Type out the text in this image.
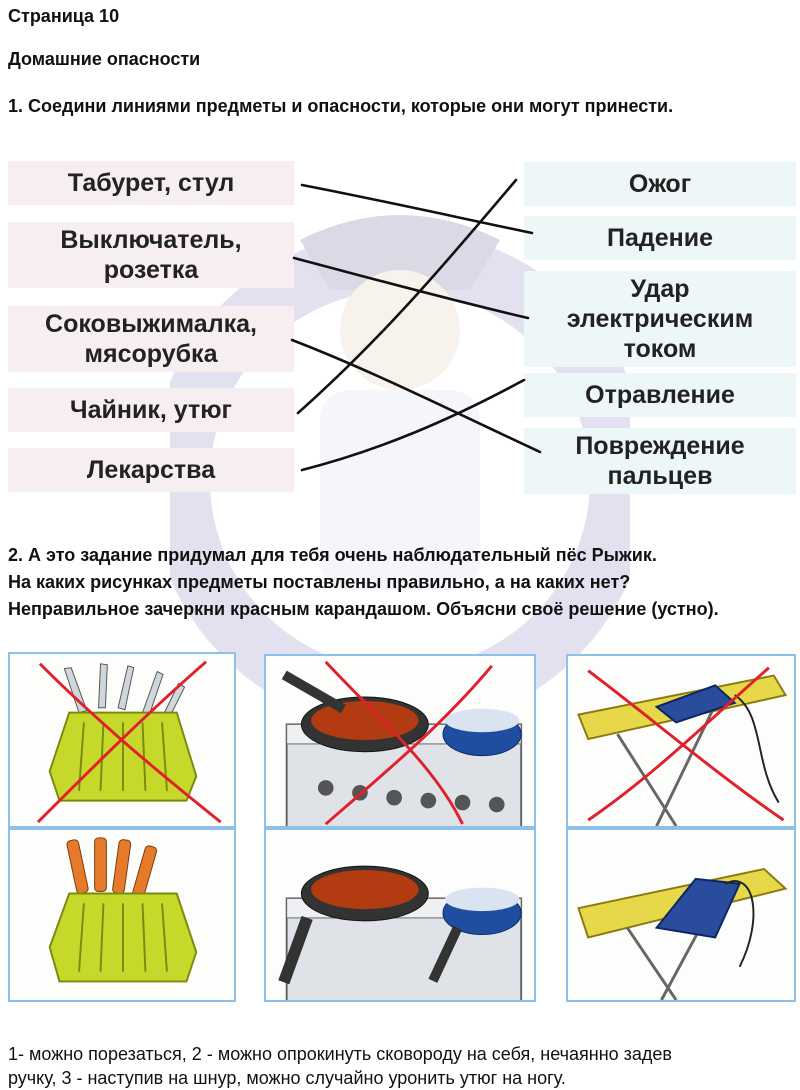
Страница 10
Домашние опасности
1. Соедини линиями предметы и опасности, которые они могут принести.
Табурет, стул
Выключатель,
розетка
Соковыжималка,
мясорубка
Чайник, утюг
Лекарства
Ожог
Падение
Удар
электрическим
током
Отравление
Повреждение
пальцев
2. А это задание придумал для тебя очень наблюдательный пёс Рыжик.
На каких рисунках предметы поставлены правильно, а на каких нет?
Неправильное зачеркни красным карандашом. Объясни своё решение (устно).
1- можно порезаться, 2 - можно опрокинуть сковороду на себя, нечаянно задев
ручку, 3 - наступив на шнур, можно случайно уронить утюг на ногу.
